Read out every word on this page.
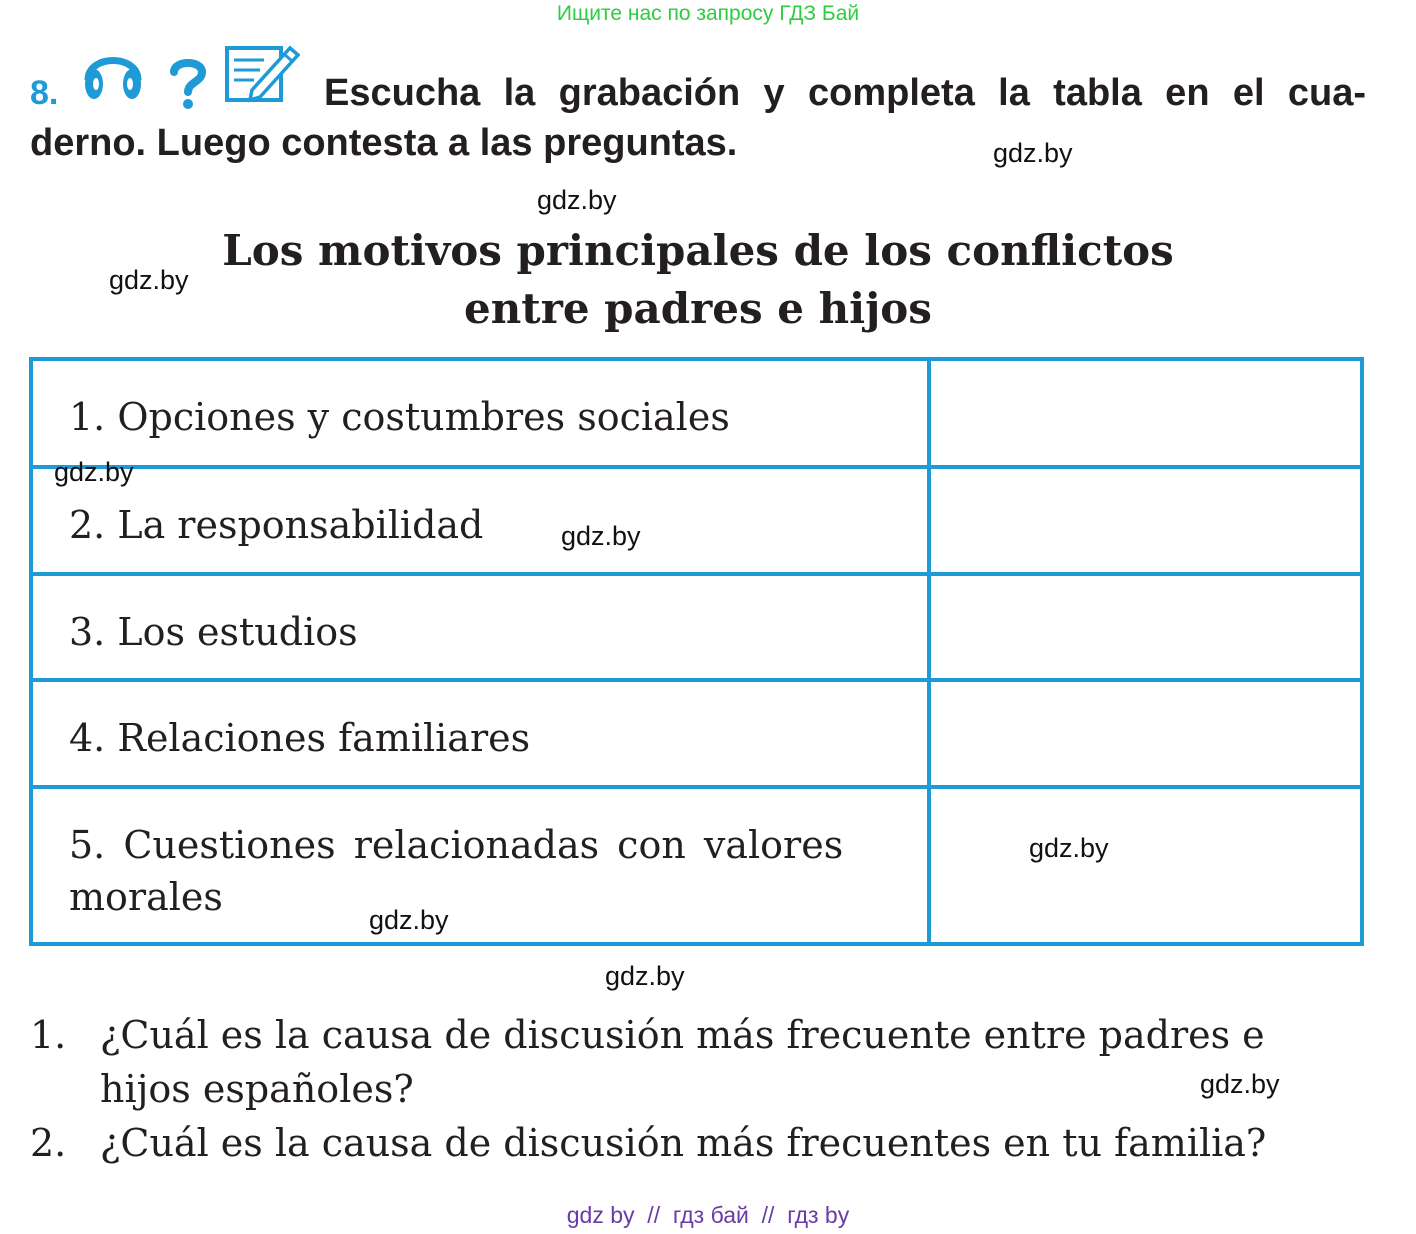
Ищите нас по запросу ГДЗ Бай
8.	Escucha la grabación y completa la tabla en el cua- derno. Luego contesta a las preguntas.
Los motivos principales de los conflictos
entre padres e hijos
1. Opciones y costumbres sociales
2. La responsabilidad
3. Los estudios
4. Relaciones familiares
5. Cuestiones relacionadas con valores morales
1. ¿Cuál es la causa de discusión más frecuente entre padres e
hijos españoles?
2. ¿Cuál es la causa de discusión más frecuentes en tu familia?
gdz.by
gdz.by
gdz.by
gdz.by
gdz.by
gdz.by
gdz.by
gdz.by
gdz.by
gdz by  //  гдз бай  //  гдз by
